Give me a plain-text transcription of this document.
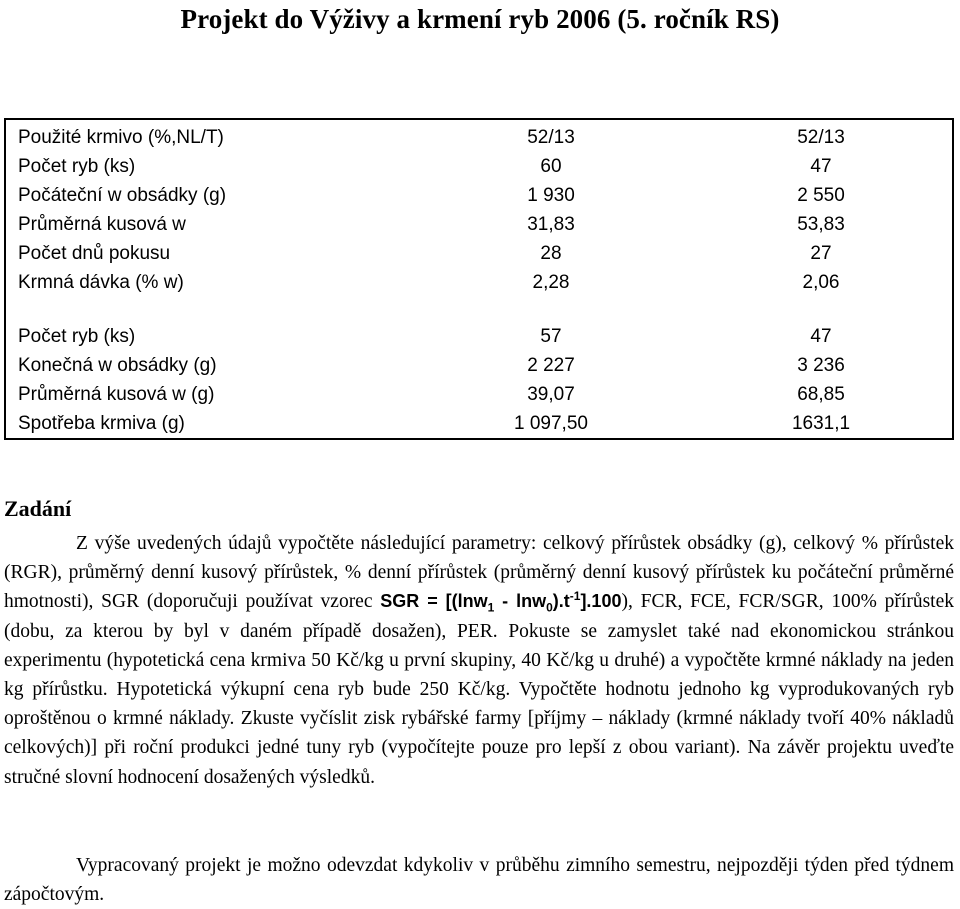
Projekt do Výživy a krmení ryb 2006 (5. ročník RS)
Použité krmivo (%,NL/T)	52/13	52/13
Počet ryb (ks)	60	47
Počáteční w obsádky (g)	1 930	2 550
Průměrná kusová w	31,83	53,83
Počet dnů pokusu	28	27
Krmná dávka (% w)	2,28	2,06
Počet ryb (ks)	57	47
Konečná w obsádky (g)	2 227	3 236
Průměrná kusová w (g)	39,07	68,85
Spotřeba krmiva (g)	1 097,50	1631,1
Zadání
Z výše uvedených údajů vypočtěte následující parametry: celkový přírůstek obsádky (g), celkový % přírůstek (RGR), průměrný denní kusový přírůstek, % denní přírůstek (průměrný denní kusový přírůstek ku počáteční průměrné hmotnosti), SGR (doporučuji používat vzorec SGR = $[(\ln w_1 - \ln w_0).t^{-1}].100$), FCR, FCE, FCR/SGR, 100% přírůstek (dobu, za kterou by byl v daném případě dosažen), PER. Pokuste se zamyslet také nad ekonomickou stránkou experimentu (hypotetická cena krmiva 50 Kč/kg u první skupiny, 40 Kč/kg u druhé) a vypočtěte krmné náklady na jeden kg přírůstku. Hypotetická výkupní cena ryb bude 250 Kč/kg. Vypočtěte hodnotu jednoho kg vyprodukovaných ryb oproštěnou o krmné náklady. Zkuste vyčíslit zisk rybářské farmy [příjmy – náklady (krmné náklady tvoří 40% nákladů celkových)] při roční produkci jedné tuny ryb (vypočítejte pouze pro lepší z obou variant). Na závěr projektu uveďte stručné slovní hodnocení dosažených výsledků.
Vypracovaný projekt je možno odevzdat kdykoliv v průběhu zimního semestru, nejpozději týden před týdnem zápočtovým.
